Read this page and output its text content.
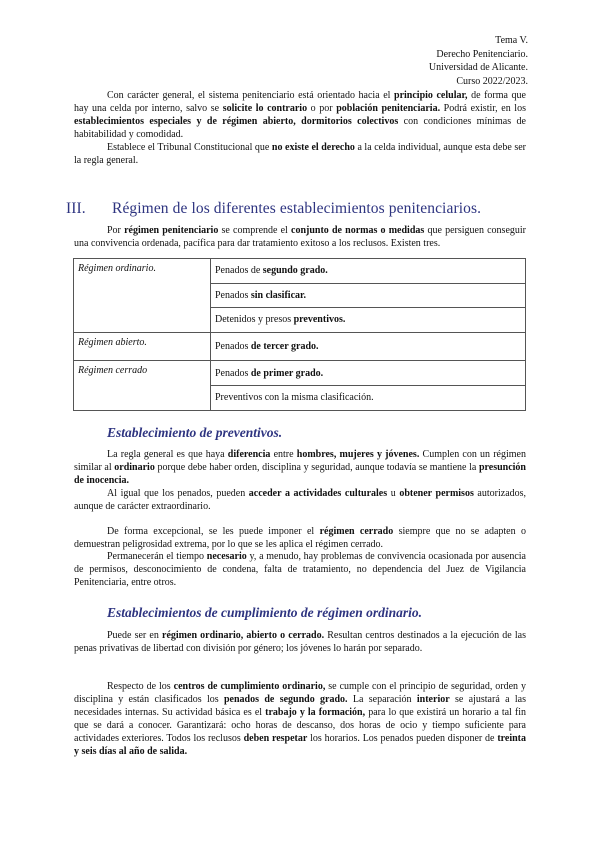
Tema V.
Derecho Penitenciario.
Universidad de Alicante.
Curso 2022/2023.

Con carácter general, el sistema penitenciario está orientado hacia el principio celular, de forma que hay una celda por interno, salvo se solicite lo contrario o por población penitenciaria. Podrá existir, en los establecimientos especiales y de régimen abierto, dormitorios colectivos con condiciones mínimas de habitabilidad y comodidad.

Establece el Tribunal Constitucional que no existe el derecho a la celda individual, aunque esta debe ser la regla general.

III. Régimen de los diferentes establecimientos penitenciarios.

Por régimen penitenciario se comprende el conjunto de normas o medidas que persiguen conseguir una convivencia ordenada, pacífica para dar tratamiento exitoso a los reclusos. Existen tres.

Régimen ordinario.	Penados de segundo grado.
	Penados sin clasificar.
	Detenidos y presos preventivos.
Régimen abierto.	Penados de tercer grado.
Régimen cerrado	Penados de primer grado.
	Preventivos con la misma clasificación.
Establecimiento de preventivos.

La regla general es que haya diferencia entre hombres, mujeres y jóvenes. Cumplen con un régimen similar al ordinario porque debe haber orden, disciplina y seguridad, aunque todavía se mantiene la presunción de inocencia.

Al igual que los penados, pueden acceder a actividades culturales u obtener permisos autorizados, aunque de carácter extraordinario.

De forma excepcional, se les puede imponer el régimen cerrado siempre que no se adapten o demuestran peligrosidad extrema, por lo que se les aplica el régimen cerrado.

Permanecerán el tiempo necesario y, a menudo, hay problemas de convivencia ocasionada por ausencia de permisos, desconocimiento de condena, falta de tratamiento, no dependencia del Juez de Vigilancia Penitenciaria, entre otros.

Establecimientos de cumplimiento de régimen ordinario.

Puede ser en régimen ordinario, abierto o cerrado. Resultan centros destinados a la ejecución de las penas privativas de libertad con división por género; los jóvenes lo harán por separado.

Respecto de los centros de cumplimiento ordinario, se cumple con el principio de seguridad, orden y disciplina y están clasificados los penados de segundo grado. La separación interior se ajustará a las necesidades internas. Su actividad básica es el trabajo y la formación, para lo que existirá un horario a tal fin que se dará a conocer. Garantizará: ocho horas de descanso, dos horas de ocio y tiempo suficiente para actividades exteriores. Todos los reclusos deben respetar los horarios. Los penados pueden disponer de treinta y seis días al año de salida.
